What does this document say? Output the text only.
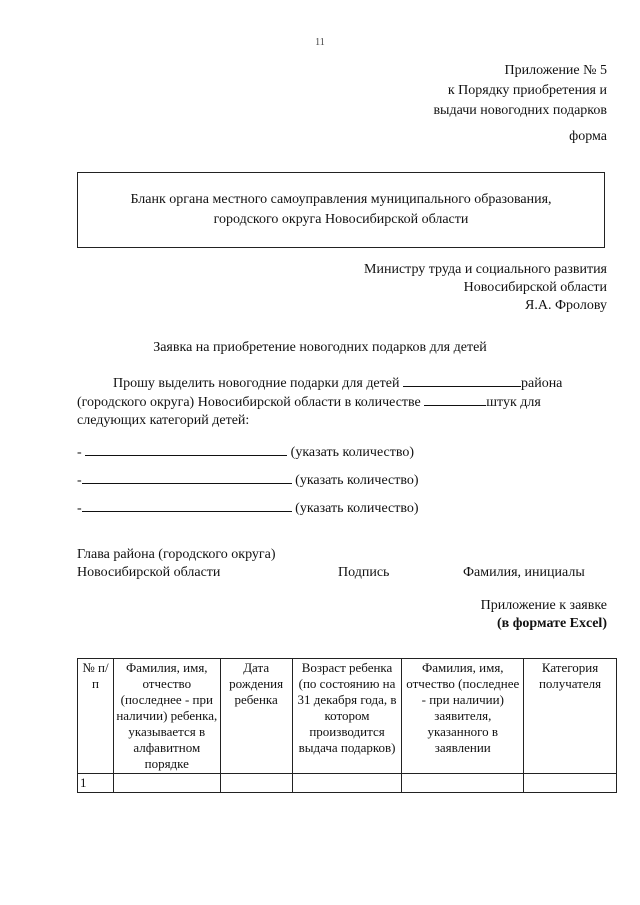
11
Приложение № 5
к Порядку приобретения и
выдачи новогодних подарков
форма
Бланк органа местного самоуправления муниципального образования,
городского округа Новосибирской области
Министру труда и социального развития
Новосибирской области
Я.А. Фролову
Заявка на приобретение новогодних подарков для детей
Прошу выделить новогодние подарки для детей	района
(городского округа) Новосибирской области в количестве	штук для
следующих категорий детей:
-	(указать количество)
-	(указать количество)
-	(указать количество)
Глава района (городского округа)
Новосибирской области	Подпись	Фамилия, инициалы
Приложение к заявке
(в формате Excel)
№ п/п	Фамилия, имя, отчество (последнее - при наличии) ребенка, указывается в алфавитном порядке	Дата рождения ребенка	Возраст ребенка (по состоянию на 31 декабря года, в котором производится выдача подарков)	Фамилия, имя, отчество (последнее - при наличии) заявителя, указанного в заявлении	Категория получателя
1					
